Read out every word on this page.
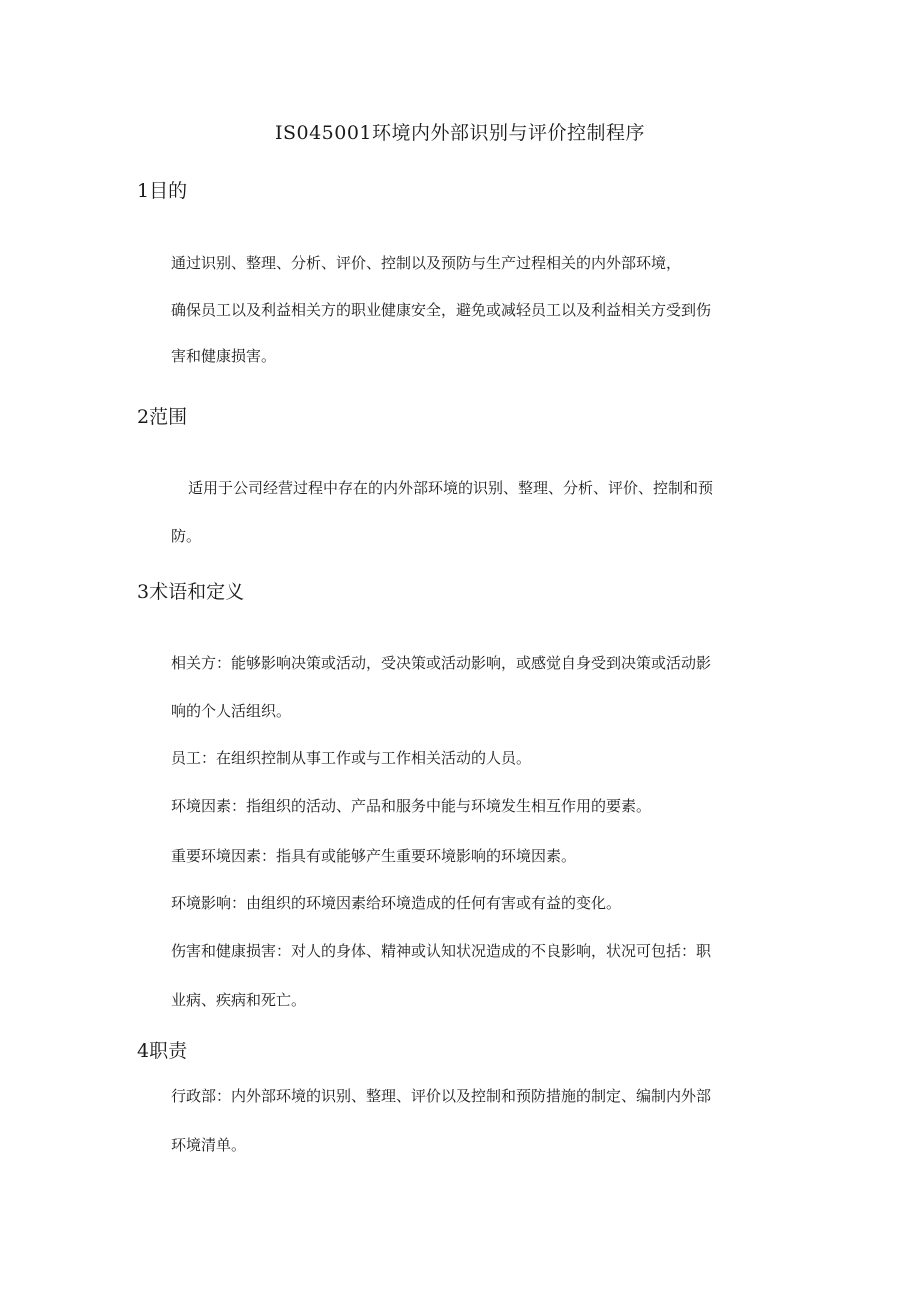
IS045001环境内外部识别与评价控制程序
1目的
通过识别、整理、分析、评价、控制以及预防与生产过程相关的内外部环境，
确保员工以及利益相关方的职业健康安全，避免或减轻员工以及利益相关方受到伤
害和健康损害。
2范围
适用于公司经营过程中存在的内外部环境的识别、整理、分析、评价、控制和预
防。
3术语和定义
相关方：能够影响决策或活动，受决策或活动影响，或感觉自身受到决策或活动影
响的个人活组织。
员工：在组织控制从事工作或与工作相关活动的人员。
环境因素：指组织的活动、产品和服务中能与环境发生相互作用的要素。
重要环境因素：指具有或能够产生重要环境影响的环境因素。
环境影响：由组织的环境因素给环境造成的任何有害或有益的变化。
伤害和健康损害：对人的身体、精神或认知状况造成的不良影响，状况可包括：职
业病、疾病和死亡。
4职责
行政部：内外部环境的识别、整理、评价以及控制和预防措施的制定、编制内外部
环境清单。
